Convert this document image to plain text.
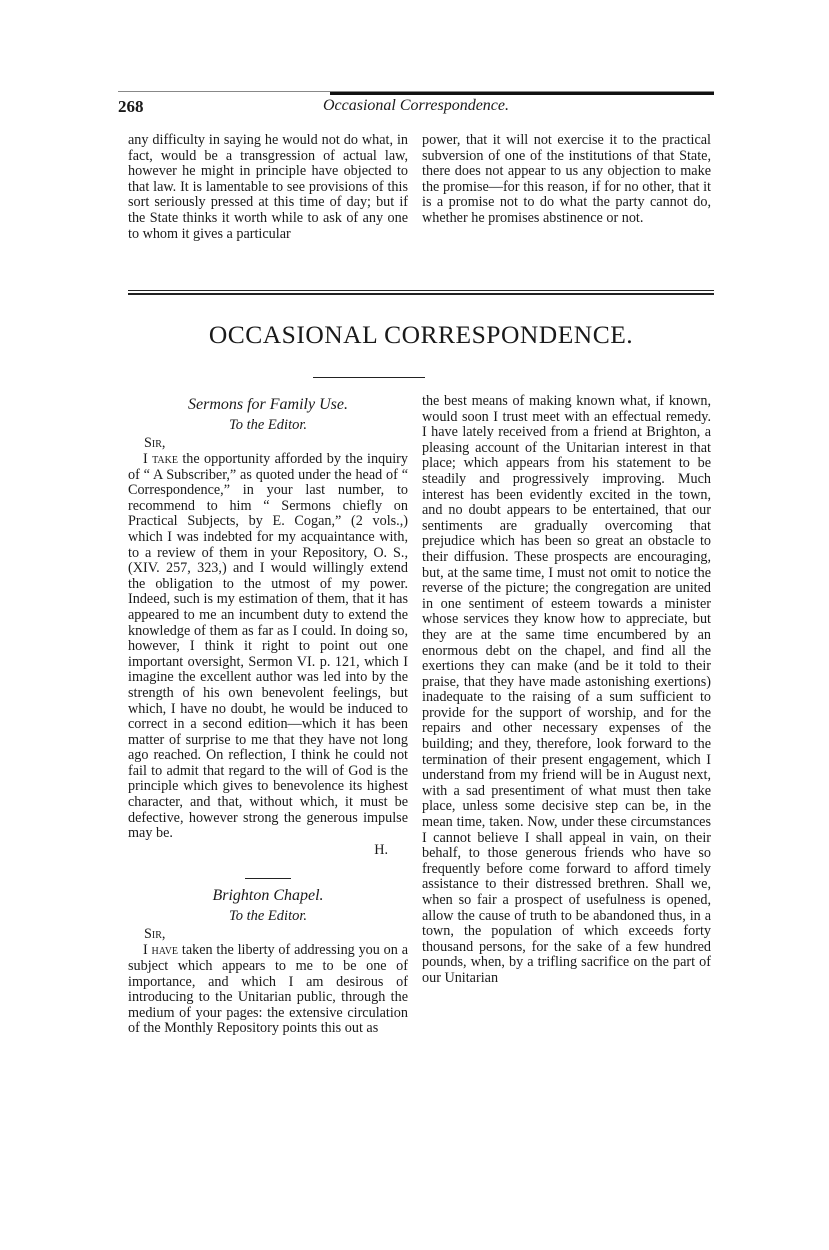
268	Occasional Correspondence.

any difficulty in saying he would not do what, in fact, would be a transgression of actual law, however he might in principle have objected to that law. It is lamentable to see provisions of this sort seriously pressed at this time of day; but if the State thinks it worth while to ask of any one to whom it gives a particular

power, that it will not exercise it to the practical subversion of one of the institutions of that State, there does not appear to us any objection to make the promise—for this reason, if for no other, that it is a promise not to do what the party cannot do, whether he promises abstinence or not.

OCCASIONAL CORRESPONDENCE.

Sermons for Family Use.

To the Editor.

Sir,

I take the opportunity afforded by the inquiry of “ A Subscriber,” as quoted under the head of “ Correspondence,” in your last number, to recommend to him “ Sermons chiefly on Practical Subjects, by E. Cogan,” (2 vols.,) which I was indebted for my acquaintance with, to a review of them in your Repository, O. S., (XIV. 257, 323,) and I would willingly extend the obligation to the utmost of my power. Indeed, such is my estimation of them, that it has appeared to me an incumbent duty to extend the knowledge of them as far as I could. In doing so, however, I think it right to point out one important oversight, Sermon VI. p. 121, which I imagine the excellent author was led into by the strength of his own benevolent feelings, but which, I have no doubt, he would be induced to correct in a second edition—which it has been matter of surprise to me that they have not long ago reached. On reflection, I think he could not fail to admit that regard to the will of God is the principle which gives to benevolence its highest character, and that, without which, it must be defective, however strong the generous impulse may be.

H.

Brighton Chapel.

To the Editor.

Sir,

I have taken the liberty of addressing you on a subject which appears to me to be one of importance, and which I am desirous of introducing to the Unitarian public, through the medium of your pages: the extensive circulation of the Monthly Repository points this out as

the best means of making known what, if known, would soon I trust meet with an effectual remedy. I have lately received from a friend at Brighton, a pleasing account of the Unitarian interest in that place; which appears from his statement to be steadily and progressively improving. Much interest has been evidently excited in the town, and no doubt appears to be entertained, that our sentiments are gradually overcoming that prejudice which has been so great an obstacle to their diffusion. These prospects are encouraging, but, at the same time, I must not omit to notice the reverse of the picture; the congregation are united in one sentiment of esteem towards a minister whose services they know how to appreciate, but they are at the same time encumbered by an enormous debt on the chapel, and find all the exertions they can make (and be it told to their praise, that they have made astonishing exertions) inadequate to the raising of a sum sufficient to provide for the support of worship, and for the repairs and other necessary expenses of the building; and they, therefore, look forward to the termination of their present engagement, which I understand from my friend will be in August next, with a sad presentiment of what must then take place, unless some decisive step can be, in the mean time, taken. Now, under these circumstances I cannot believe I shall appeal in vain, on their behalf, to those generous friends who have so frequently before come forward to afford timely assistance to their distressed brethren. Shall we, when so fair a prospect of usefulness is opened, allow the cause of truth to be abandoned thus, in a town, the population of which exceeds forty thousand persons, for the sake of a few hundred pounds, when, by a trifling sacrifice on the part of our Unitarian
